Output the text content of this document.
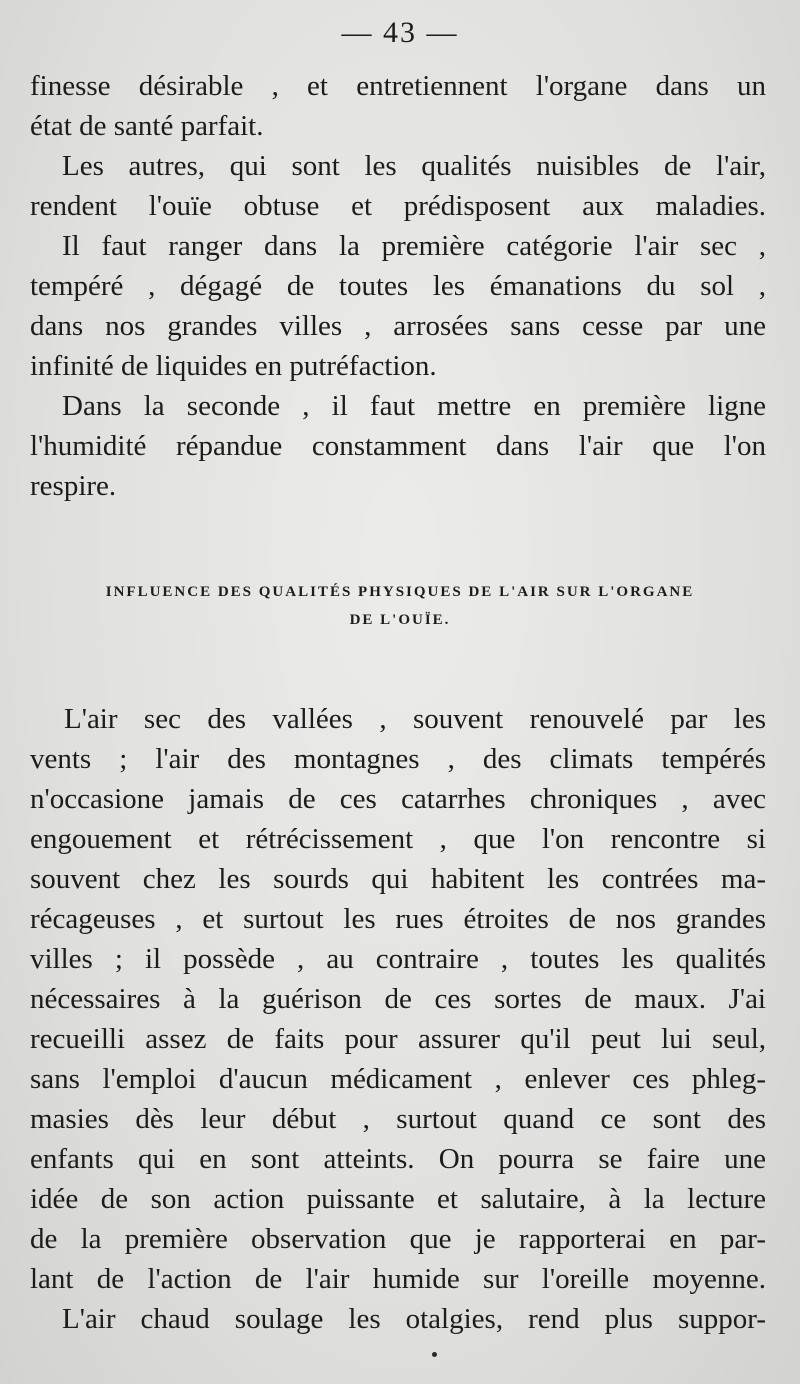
— 43 —

finesse désirable , et entretiennent l'organe dans un

état de santé parfait.

Les autres, qui sont les qualités nuisibles de l'air,

rendent l'ouïe obtuse et prédisposent aux maladies.

Il faut ranger dans la première catégorie l'air sec ,

tempéré , dégagé de toutes les émanations du sol ,

dans nos grandes villes , arrosées sans cesse par une

infinité de liquides en putréfaction.

Dans la seconde , il faut mettre en première ligne

l'humidité répandue constamment dans l'air que l'on

respire.

INFLUENCE DES QUALITÉS PHYSIQUES DE L'AIR SUR L'ORGANE
DE L'OUÏE.

L'air sec des vallées , souvent renouvelé par les

vents ; l'air des montagnes , des climats tempérés

n'occasione jamais de ces catarrhes chroniques , avec

engouement et rétrécissement , que l'on rencontre si

souvent chez les sourds qui habitent les contrées ma-

récageuses , et surtout les rues étroites de nos grandes

villes ; il possède , au contraire , toutes les qualités

nécessaires à la guérison de ces sortes de maux. J'ai

recueilli assez de faits pour assurer qu'il peut lui seul,

sans l'emploi d'aucun médicament , enlever ces phleg-

masies dès leur début , surtout quand ce sont des

enfants qui en sont atteints. On pourra se faire une

idée de son action puissante et salutaire, à la lecture

de la première observation que je rapporterai en par-

lant de l'action de l'air humide sur l'oreille moyenne.

L'air chaud soulage les otalgies, rend plus suppor-
